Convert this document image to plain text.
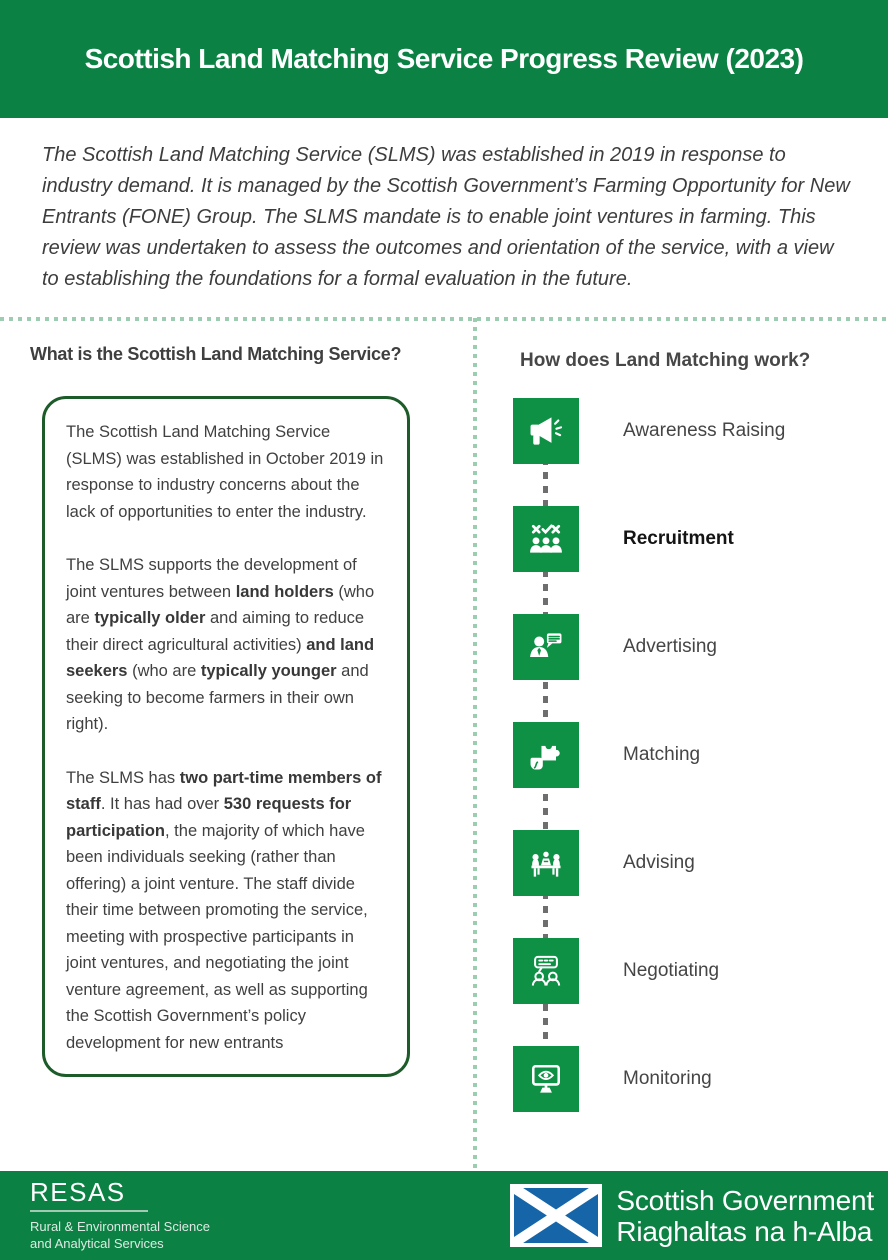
Scottish Land Matching Service Progress Review (2023)
The Scottish Land Matching Service (SLMS) was established in 2019 in response to industry demand. It is managed by the Scottish Government’s Farming Opportunity for New Entrants (FONE) Group. The SLMS mandate is to enable joint ventures in farming. This review was undertaken to assess the outcomes and orientation of the service, with a view to establishing the foundations for a formal evaluation in the future.
What is the Scottish Land Matching Service?

The Scottish Land Matching Service (SLMS) was established in October 2019 in response to industry concerns about the lack of opportunities to enter the industry.

The SLMS supports the development of joint ventures between land holders (who are typically older and aiming to reduce their direct agricultural activities) and land seekers (who are typically younger and seeking to become farmers in their own right).

The SLMS has two part-time members of staff. It has had over 530 requests for participation, the majority of which have been individuals seeking (rather than offering) a joint venture. The staff divide their time between promoting the service, meeting with prospective participants in joint ventures, and negotiating the joint venture agreement, as well as supporting the Scottish Government’s policy development for new entrants

How does Land Matching work?
Awareness Raising
Recruitment
Advertising
Matching
Advising
Negotiating
Monitoring
RESAS
Rural & Environmental Science
and Analytical Services
Scottish Government
Riaghaltas na h-Alba
